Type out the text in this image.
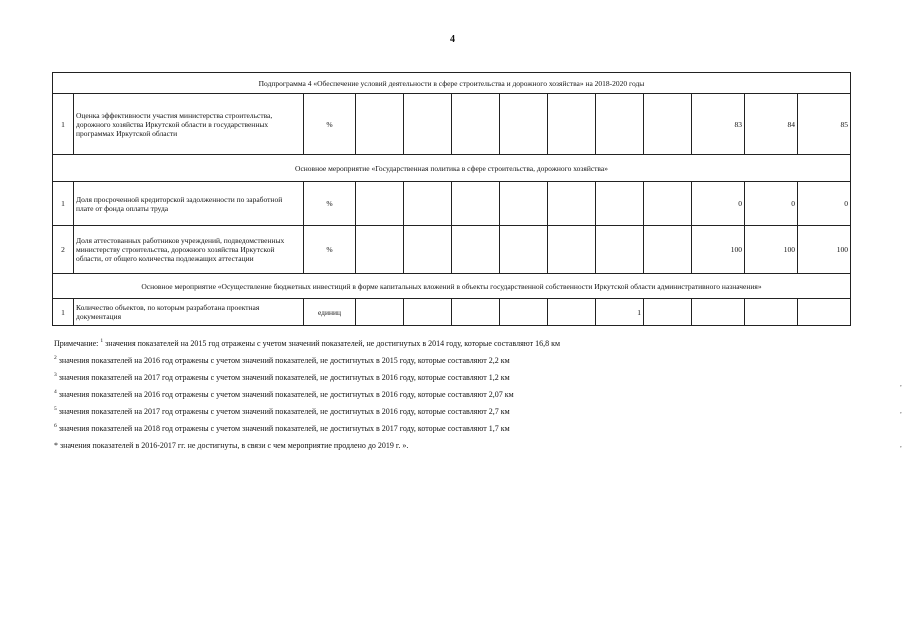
4
Подпрограмма 4 «Обеспечение условий деятельности в сфере строительства и дорожного хозяйства» на 2018-2020 годы												
1	Оценка эффективности участия министерства строительства, дорожного хозяйства Иркутской области в государственных программах Иркутской области	%								83	84	85
Основное мероприятие «Государственная политика в сфере строительства, дорожного хозяйства»												
1	Доля просроченной кредиторской задолженности по заработной плате от фонда оплаты труда	%								0	0	0
2	Доля аттестованных работников учреждений, подведомственных министерству строительства, дорожного хозяйства Иркутской области, от общего количества подлежащих аттестации	%								100	100	100
Основное мероприятие «Осуществление бюджетных инвестиций в форме капитальных вложений в объекты государственной собственности Иркутской области административного назначения»												
1	Количество объектов, по которым разработана проектная документация	единиц						1				
Примечание: $^1$ значения показателей на 2015 год отражены с учетом значений показателей, не достигнутых в 2014 году, которые составляют 16,8 км
$^2$ значения показателей на 2016 год отражены с учетом значений показателей, не достигнутых в 2015 году, которые составляют 2,2 км
$^3$ значения показателей на 2017 год отражены с учетом значений показателей, не достигнутых в 2016 году, которые составляют 1,2 км
$^4$ значения показателей на 2016 год отражены с учетом значений показателей, не достигнутых в 2016 году, которые составляют 2,07 км
$^5$ значения показателей на 2017 год отражены с учетом значений показателей, не достигнутых в 2016 году, которые составляют 2,7 км
$^6$ значения показателей на 2018 год отражены с учетом значений показателей, не достигнутых в 2017 году, которые составляют 1,7 км
* значения показателей в 2016-2017 гг. не достигнуты, в связи с чем мероприятие продлено до 2019 г. ».
,
,
,
